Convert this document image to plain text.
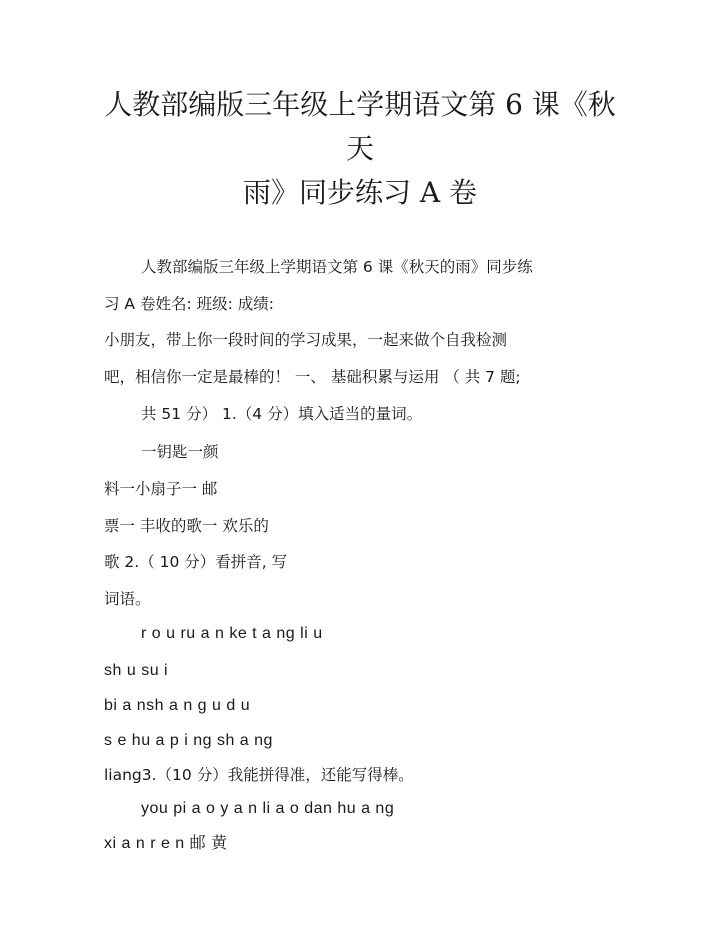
人教部编版三年级上学期语文第 6 课《秋
天
雨》同步练习 A 卷
人教部编版三年级上学期语文第 6 课《秋天的雨》同步练
习 A 卷姓名: 班级: 成绩:
小朋友，带上你一段时间的学习成果，一起来做个自我检测
吧，相信你一定是最棒的！ 一、 基础积累与运用 （ 共 7 题;
共 51 分） 1.（4 分）填入适当的量词。
一钥匙一颜
料一小扇子一 邮
票一 丰收的歌一 欢乐的
歌 2.（ 10 分）看拼音, 写
词语。
r o u ru a n ke t a ng li u
sh u su i
bi a nsh a n g u d u
s e hu a p i ng sh a ng
liang3.（10 分）我能拼得准，还能写得棒。
you pi a o y a n li a o dan hu a ng
xi a n r e n 邮 黄
